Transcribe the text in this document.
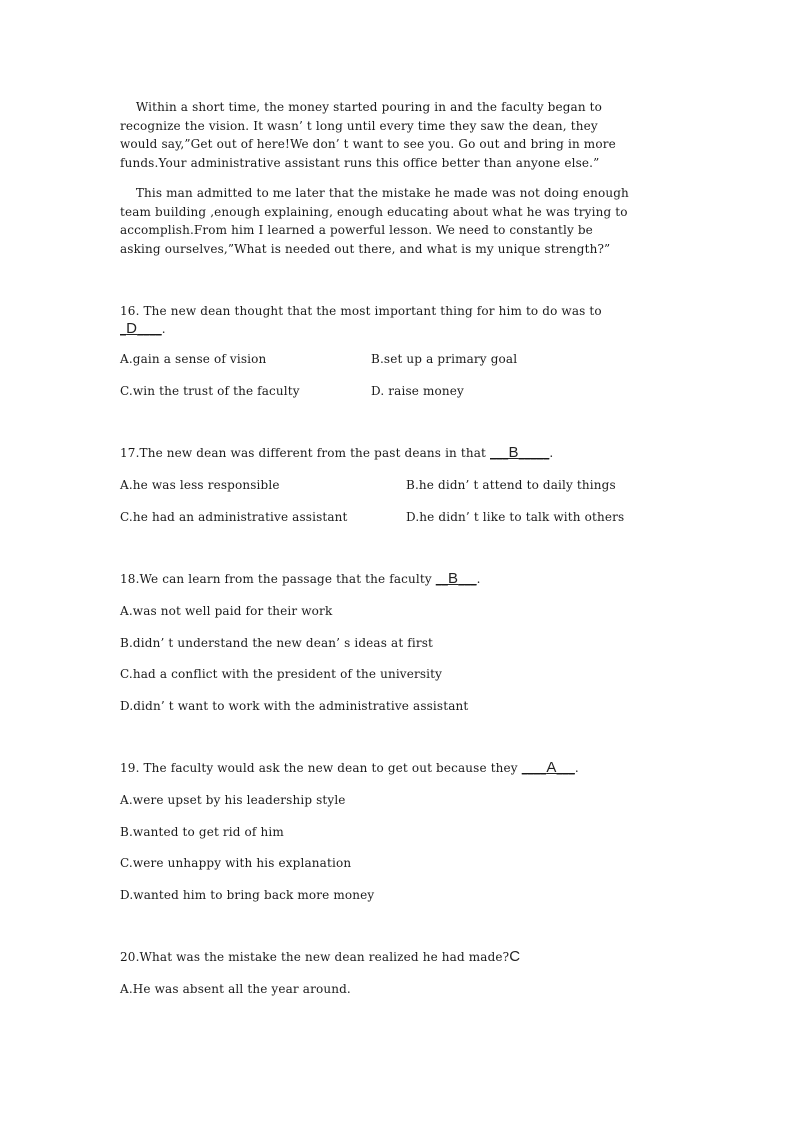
Within a short time, the money started pouring in and the faculty began to
recognize the vision. It wasn’ t long until every time they saw the dean, they
would say,”Get out of here!We don’ t want to see you. Go out and bring in more
funds.Your administrative assistant runs this office better than anyone else.”

This man admitted to me later that the mistake he made was not doing enough
team building ,enough explaining, enough educating about what he was trying to
accomplish.From him I learned a powerful lesson. We need to constantly be
asking ourselves,”What is needed out there, and what is my unique strength?”

16. The new dean thought that the most important thing for him to do was to
_D____.

A.gain a sense of vision	B.set up a primary goal

C.win the trust of the faculty	D. raise money

17.The new dean was different from the past deans in that ___B_____.

A.he was less responsible	B.he didn’ t attend to daily things

C.he had an administrative assistant	D.he didn’ t like to talk with others

18.We can learn from the passage that the faculty __B___.

A.was not well paid for their work

B.didn’ t understand the new dean’ s ideas at first

C.had a conflict with the president of the university

D.didn’ t want to work with the administrative assistant

19. The faculty would ask the new dean to get out because they ____A___.

A.were upset by his leadership style

B.wanted to get rid of him

C.were unhappy with his explanation

D.wanted him to bring back more money

20.What was the mistake the new dean realized he had made?C

A.He was absent all the year around.
